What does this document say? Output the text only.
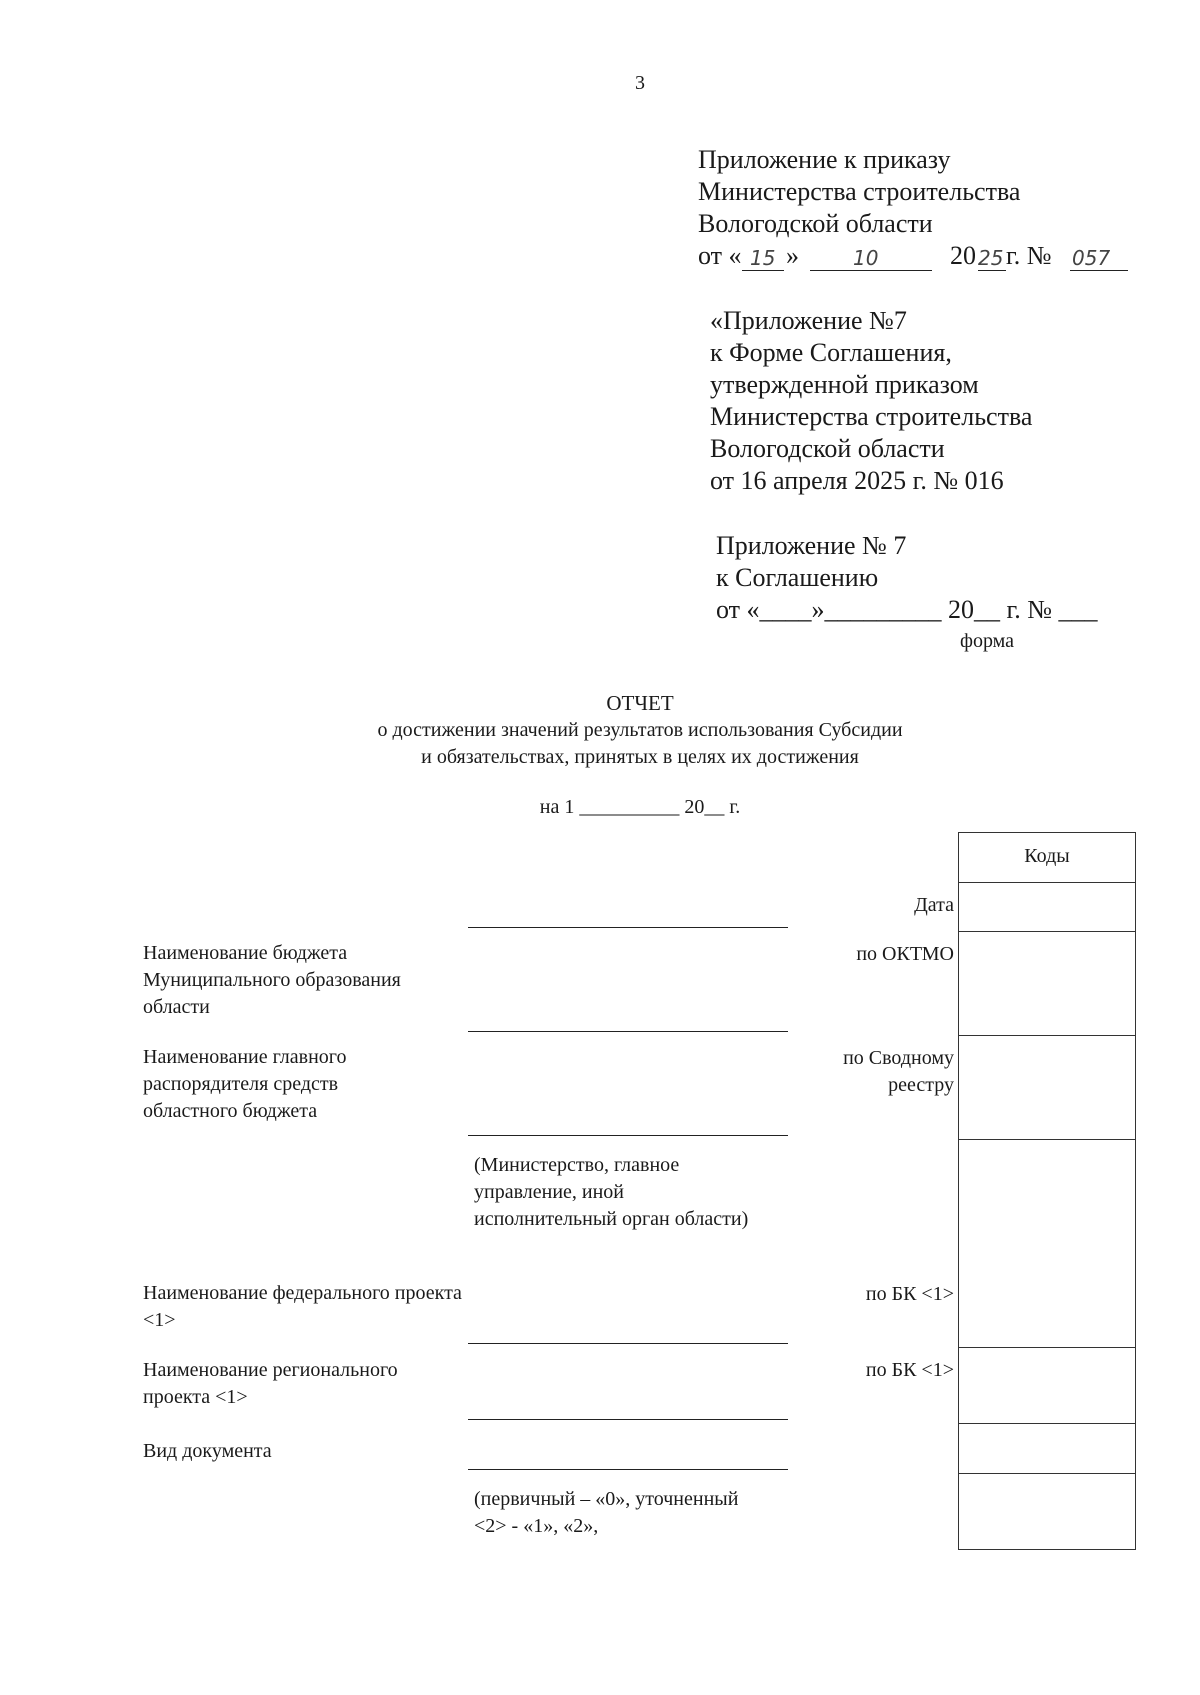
3
Приложение к приказу
Министерства строительства
Вологодской области
от « 15 »	10	20 25 г. № 057
«Приложение №7
к Форме Соглашения,
утвержденной приказом
Министерства строительства
Вологодской области
от 16 апреля 2025 г. № 016
Приложение № 7
к Соглашению
от «____»_________ 20__ г. № ___
форма
ОТЧЕТ
о достижении значений результатов использования Субсидии
и обязательствах, принятых в целях их достижения
на 1 __________ 20__ г.
Коды
Дата
по ОКТМО
по Сводному реестру
по БК <1>
по БК <1>
Наименование бюджета Муниципального образования области
Наименование главного распорядителя средств областного бюджета
Наименование федерального проекта <1>
Наименование регионального проекта <1>
Вид документа
(Министерство, главное управление, иной исполнительный орган области)
(первичный – «0», уточненный <2> - «1», «2»,
